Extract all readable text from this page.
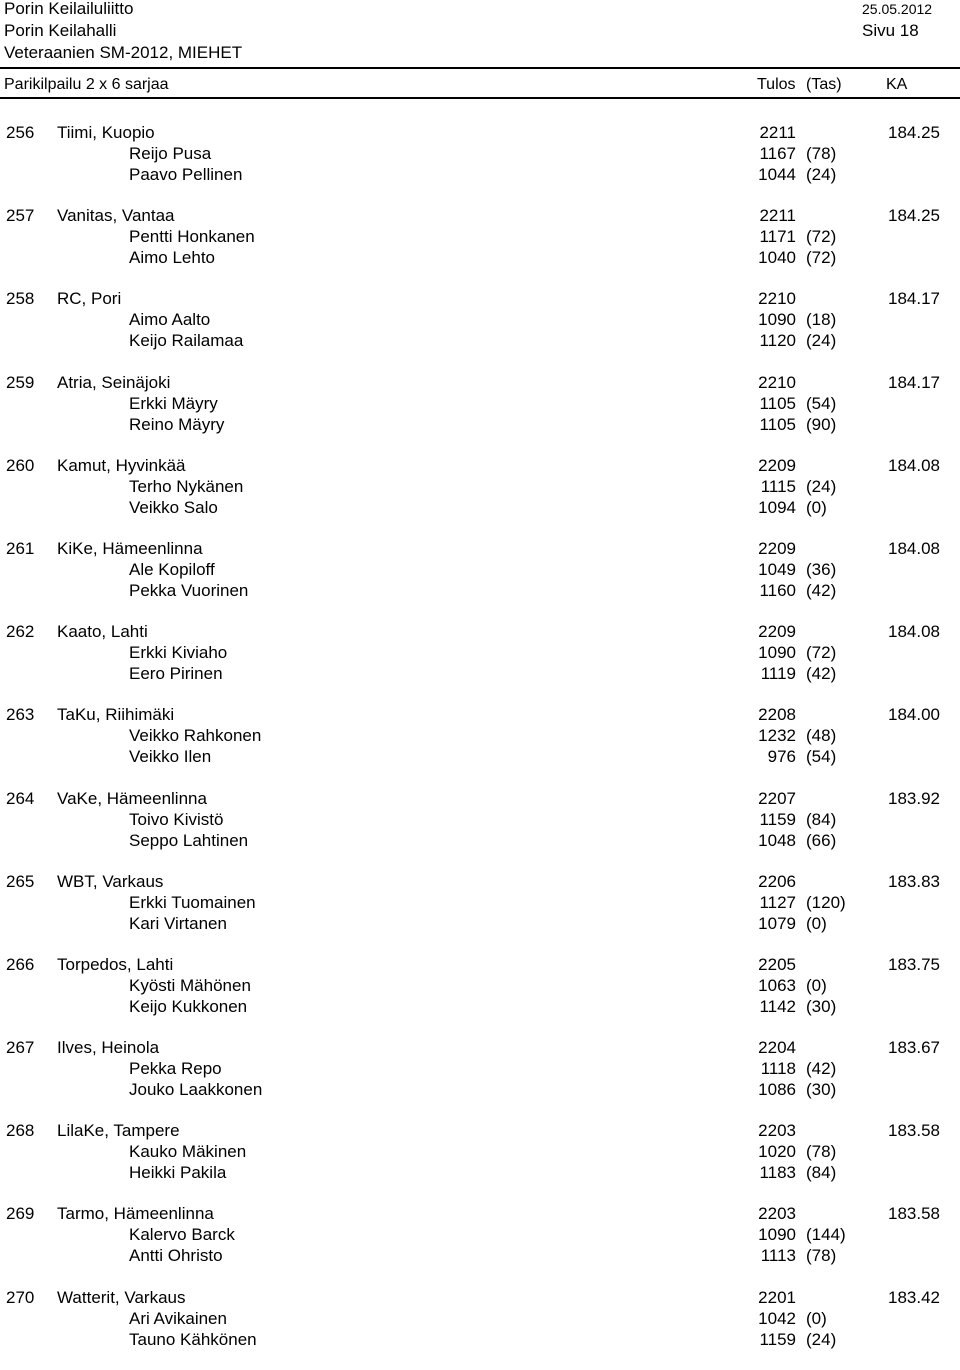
Porin Keilailuliitto	25.05.2012
Porin Keilahalli	Sivu 18
Veteraanien SM-2012, MIEHET
Parikilpailu 2 x 6 sarjaa	Tulos (Tas)	KA
256 Tiimi, Kuopio	2211	184.25
Reijo Pusa	1167 (78)
Paavo Pellinen	1044 (24)
257 Vanitas, Vantaa	2211	184.25
Pentti Honkanen	1171 (72)
Aimo Lehto	1040 (72)
258 RC, Pori	2210	184.17
Aimo Aalto	1090 (18)
Keijo Railamaa	1120 (24)
259 Atria, Seinäjoki	2210	184.17
Erkki Mäyry	1105 (54)
Reino Mäyry	1105 (90)
260 Kamut, Hyvinkää	2209	184.08
Terho Nykänen	1115 (24)
Veikko Salo	1094 (0)
261 KiKe, Hämeenlinna	2209	184.08
Ale Kopiloff	1049 (36)
Pekka Vuorinen	1160 (42)
262 Kaato, Lahti	2209	184.08
Erkki Kiviaho	1090 (72)
Eero Pirinen	1119 (42)
263 TaKu, Riihimäki	2208	184.00
Veikko Rahkonen	1232 (48)
Veikko Ilen	976 (54)
264 VaKe, Hämeenlinna	2207	183.92
Toivo Kivistö	1159 (84)
Seppo Lahtinen	1048 (66)
265 WBT, Varkaus	2206	183.83
Erkki Tuomainen	1127 (120)
Kari Virtanen	1079 (0)
266 Torpedos, Lahti	2205	183.75
Kyösti Mähönen	1063 (0)
Keijo Kukkonen	1142 (30)
267 Ilves, Heinola	2204	183.67
Pekka Repo	1118 (42)
Jouko Laakkonen	1086 (30)
268 LilaKe, Tampere	2203	183.58
Kauko Mäkinen	1020 (78)
Heikki Pakila	1183 (84)
269 Tarmo, Hämeenlinna	2203	183.58
Kalervo Barck	1090 (144)
Antti Ohristo	1113 (78)
270 Watterit, Varkaus	2201	183.42
Ari Avikainen	1042 (0)
Tauno Kähkönen	1159 (24)
